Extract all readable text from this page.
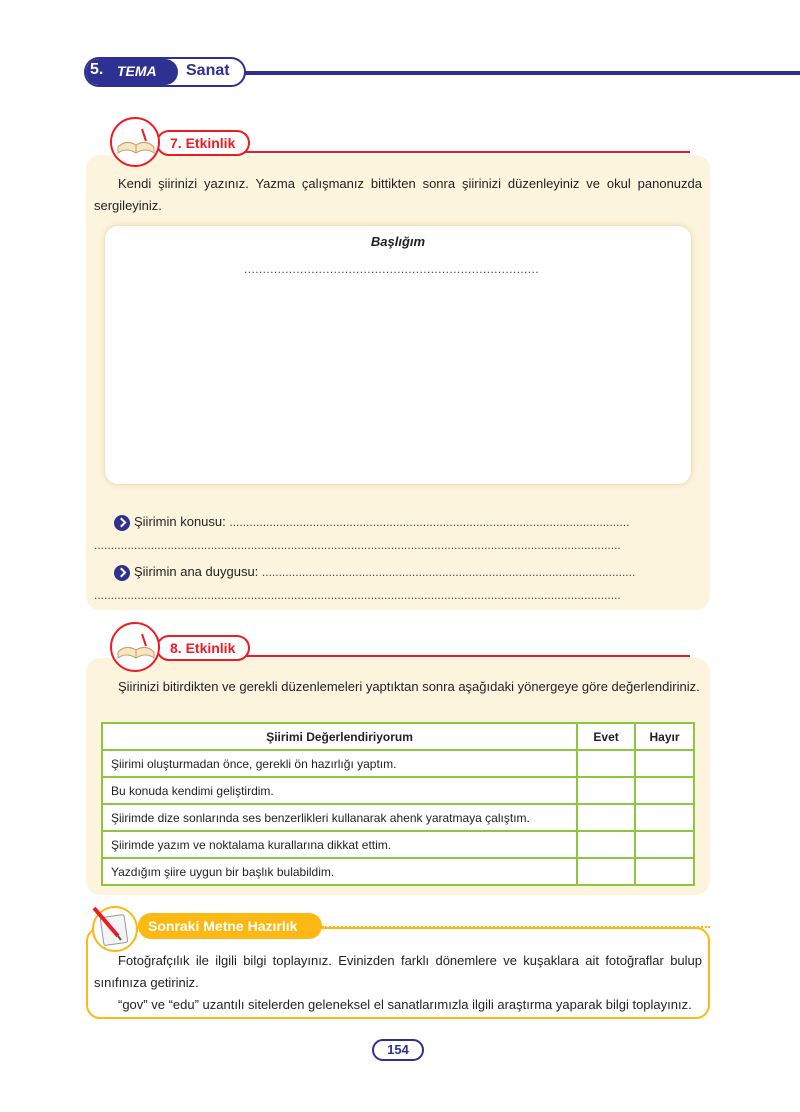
5. TEMA Sanat
7. Etkinlik
Kendi şiirinizi yazınız. Yazma çalışmanız bittikten sonra şiirinizi düzenleyiniz ve okul panonuzda sergileyiniz.
Başlığım
...............................................................................
Şiirimin konusu: ........................................................................................................................
..............................................................................................................................................................
Şiirimin ana duygusu: ................................................................................................................
..............................................................................................................................................................
8. Etkinlik
Şiirinizi bitirdikten ve gerekli düzenlemeleri yaptıktan sonra aşağıdaki yönergeye göre değerlendiriniz.
Şiirimi Değerlendiriyorum	Evet	Hayır
Şiirimi oluşturmadan önce, gerekli ön hazırlığı yaptım.		
Bu konuda kendimi geliştirdim.		
Şiirimde dize sonlarında ses benzerlikleri kullanarak ahenk yaratmaya çalıştım.		
Şiirimde yazım ve noktalama kurallarına dikkat ettim.		
Yazdığım şiire uygun bir başlık bulabildim.		
Sonraki Metne Hazırlık
Fotoğrafçılık ile ilgili bilgi toplayınız. Evinizden farklı dönemlere ve kuşaklara ait fotoğraflar bulup sınıfınıza getiriniz.
“gov” ve “edu” uzantılı sitelerden geleneksel el sanatlarımızla ilgili araştırma yaparak bilgi toplayınız.
154
